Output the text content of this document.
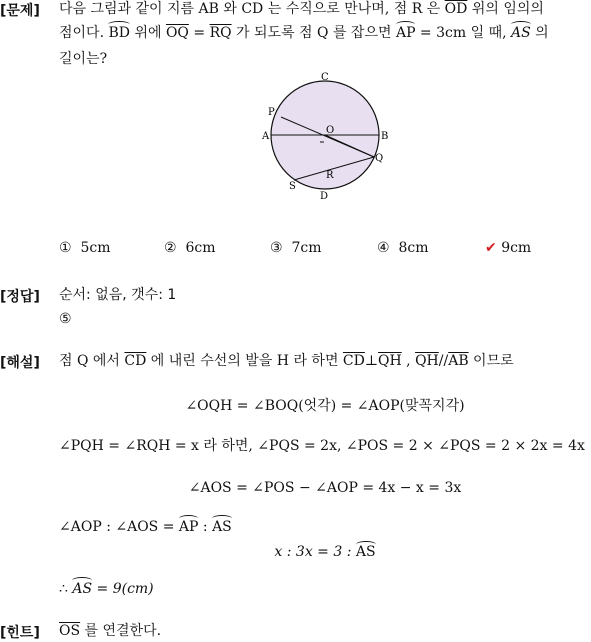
[문제] 다음 그림과 같이 지름 AB 와 CD 는 수직으로 만나며, 점 R 은 $\overline{OD}$ 위의 임의의
점이다. BD 위에 $\overline{OQ} = \overline{RQ}$ 가 되도록 점 Q 를 잡으면 AP = 3cm 일 때, AS 의
길이는?
C
P
A
O
B
Q
R
S
D
① 5cm	② 6cm	③ 7cm	④ 8cm	✔ 9cm
[정답] 순서: 없음, 갯수: 1
⑤
[해설] 점 Q 에서 $\overline{CD}$ 에 내린 수선의 발을 H 라 하면 $\overline{CD}\perp\overline{QH}$ , $\overline{QH}//\overline{AB}$ 이므로
∠OQH = ∠BOQ(엇각) = ∠AOP(맞꼭지각)
∠PQH = ∠RQH = x 라 하면, ∠PQS = 2x, ∠POS = 2 × ∠PQS = 2 × 2x = 4x
∠AOS = ∠POS − ∠AOP = 4x − x = 3x
∠AOP : ∠AOS = AP : AS
x : 3x = 3 : AS
∴ AS = 9(cm)
[힌트] $\overline{OS}$ 를 연결한다.
